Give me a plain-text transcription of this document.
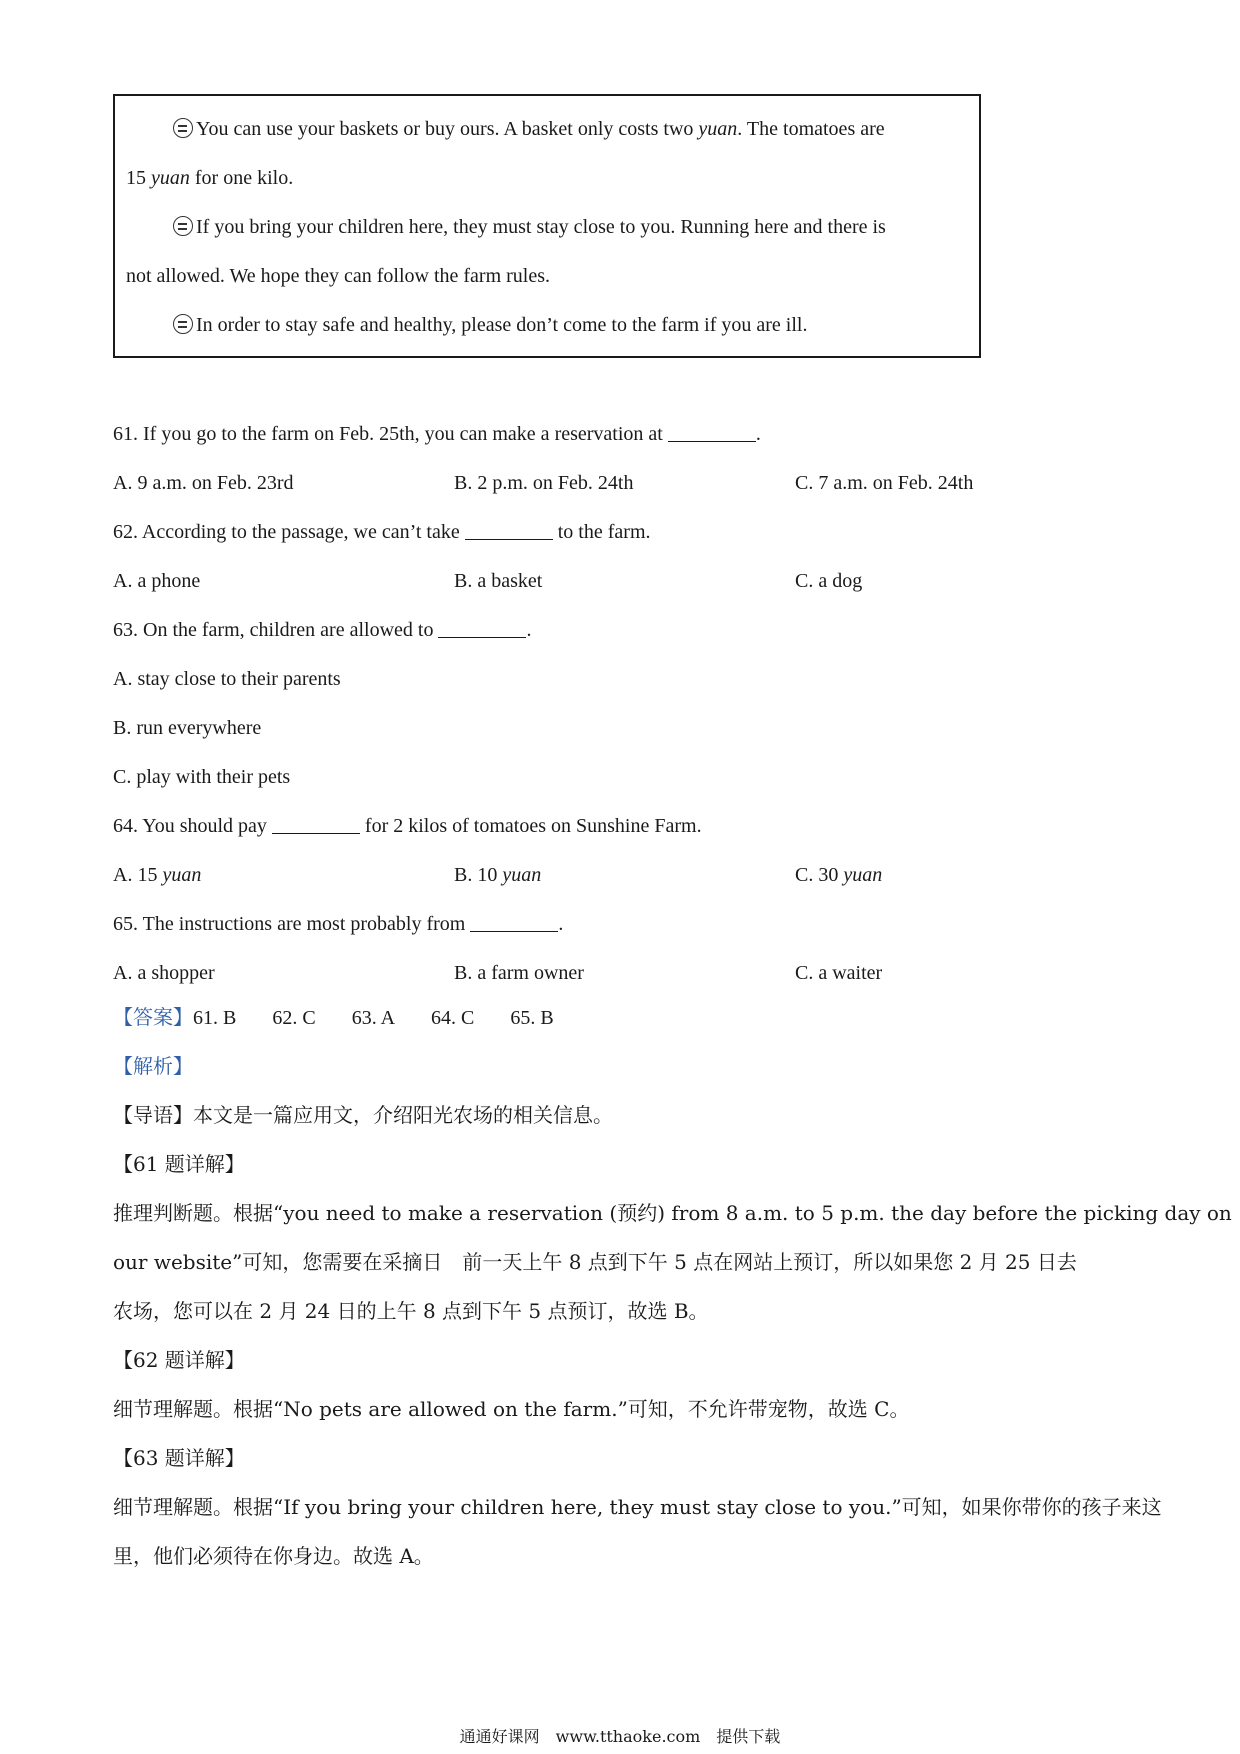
You can use your baskets or buy ours. A basket only costs two yuan. The tomatoes are
15 yuan for one kilo.
If you bring your children here, they must stay close to you. Running here and there is
not allowed. We hope they can follow the farm rules.
In order to stay safe and healthy, please don’t come to the farm if you are ill.
61. If you go to the farm on Feb. 25th, you can make a reservation at	.
A. 9 a.m. on Feb. 23rd	B. 2 p.m. on Feb. 24th	C. 7 a.m. on Feb. 24th
62. According to the passage, we can’t take	to the farm.
A. a phone	B. a basket	C. a dog
63. On the farm, children are allowed to	.
A. stay close to their parents
B. run everywhere
C. play with their pets
64. You should pay	for 2 kilos of tomatoes on Sunshine Farm.
A. 15 yuan	B. 10 yuan	C. 30 yuan
65. The instructions are most probably from	.
A. a shopper	B. a farm owner	C. a waiter
【答案】61. B 62. C 63. A 64. C 65. B
【解析】
【导语】本文是一篇应用文，介绍阳光农场的相关信息。
【61 题详解】
推理判断题。根据“you need to make a reservation (预约) from 8 a.m. to 5 p.m. the day before the picking day on
our website”可知，您需要在采摘日　前一天上午 8 点到下午 5 点在网站上预订，所以如果您 2 月 25 日去
农场，您可以在 2 月 24 日的上午 8 点到下午 5 点预订，故选 B。
【62 题详解】
细节理解题。根据“No pets are allowed on the farm.”可知，不允许带宠物，故选 C。
【63 题详解】
细节理解题。根据“If you bring your children here, they must stay close to you.”可知，如果你带你的孩子来这
里，他们必须待在你身边。故选 A。
通通好课网　www.tthaoke.com　提供下载
